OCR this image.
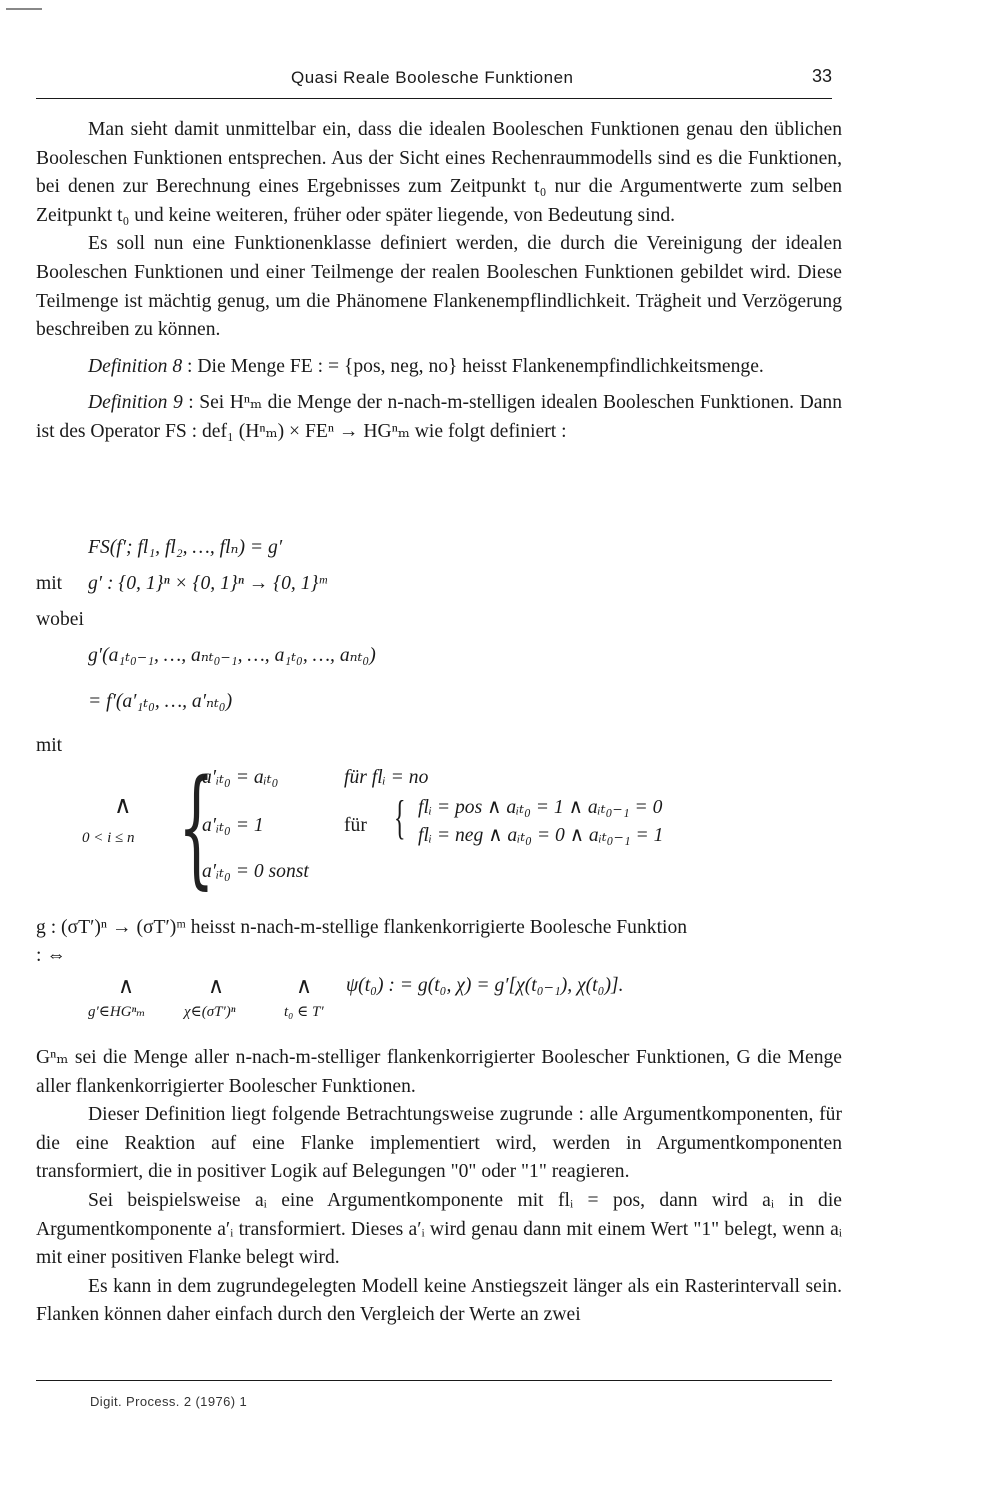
Quasi Reale Boolesche Funktionen	33

Man sieht damit unmittelbar ein, dass die idealen Booleschen Funktionen genau den üblichen Booleschen Funktionen entsprechen. Aus der Sicht eines Rechenraummodells sind es die Funktionen, bei denen zur Berechnung eines Ergebnisses zum Zeitpunkt t₀ nur die Argumentwerte zum selben Zeitpunkt t₀ und keine weiteren, früher oder später liegende, von Bedeutung sind.

Es soll nun eine Funktionenklasse definiert werden, die durch die Vereinigung der idealen Booleschen Funktionen und einer Teilmenge der realen Booleschen Funktionen gebildet wird. Diese Teilmenge ist mächtig genug, um die Phänomene Flankenempflindlichkeit. Trägheit und Verzögerung beschreiben zu können.

Definition 8 : Die Menge FE : = {pos, neg, no} heisst Flankenempfindlichkeitsmenge.

Definition 9 : Sei Hⁿₘ die Menge der n-nach-m-stelligen idealen Booleschen Funktionen. Dann ist des Operator FS : def₁ (Hⁿₘ) × FEⁿ → HGⁿₘ wie folgt definiert :

FS(f′; fl₁, fl₂, …, flₙ) = g′
mit g′ : {0, 1}ⁿ × {0, 1}ⁿ → {0, 1}ᵐ
wobei
g′(a₁ₜ₀₋₁, …, aₙₜ₀₋₁, …, a₁ₜ₀, …, aₙₜ₀)
= f′(a′₁ₜ₀, …, a′ₙₜ₀)
mit
∧
0 < i ≤ n {
a′ᵢₜ₀ = aᵢₜ₀	für flᵢ = no
a′ᵢₜ₀ = 1	für { flᵢ = pos ∧ aᵢₜ₀ = 1 ∧ aᵢₜ₀₋₁ = 0
flᵢ = neg ∧ aᵢₜ₀ = 0 ∧ aᵢₜ₀₋₁ = 1
a′ᵢₜ₀ = 0 sonst
g : (σT′)ⁿ → (σT′)ᵐ heisst n-nach-m-stellige flankenkorrigierte Boolesche Funktion
: ⇔
∧
g′∈HGⁿₘ
∧
χ∈(σT′)ⁿ
∧
t₀ ∈ T′
ψ(t₀) : = g(t₀, χ) = g′[χ(t₀₋₁), χ(t₀)].

Gⁿₘ sei die Menge aller n-nach-m-stelliger flankenkorrigierter Boolescher Funktionen, G die Menge aller flankenkorrigierter Boolescher Funktionen.

Dieser Definition liegt folgende Betrachtungsweise zugrunde : alle Argumentkomponenten, für die eine Reaktion auf eine Flanke implementiert wird, werden in Argumentkomponenten transformiert, die in positiver Logik auf Belegungen "0" oder "1" reagieren.

Sei beispielsweise aᵢ eine Argumentkomponente mit flᵢ = pos, dann wird aᵢ in die Argumentkomponente a′ᵢ transformiert. Dieses a′ᵢ wird genau dann mit einem Wert "1" belegt, wenn aᵢ mit einer positiven Flanke belegt wird.

Es kann in dem zugrundegelegten Modell keine Anstiegszeit länger als ein Rasterintervall sein. Flanken können daher einfach durch den Vergleich der Werte an zwei

Digit. Process. 2 (1976) 1
